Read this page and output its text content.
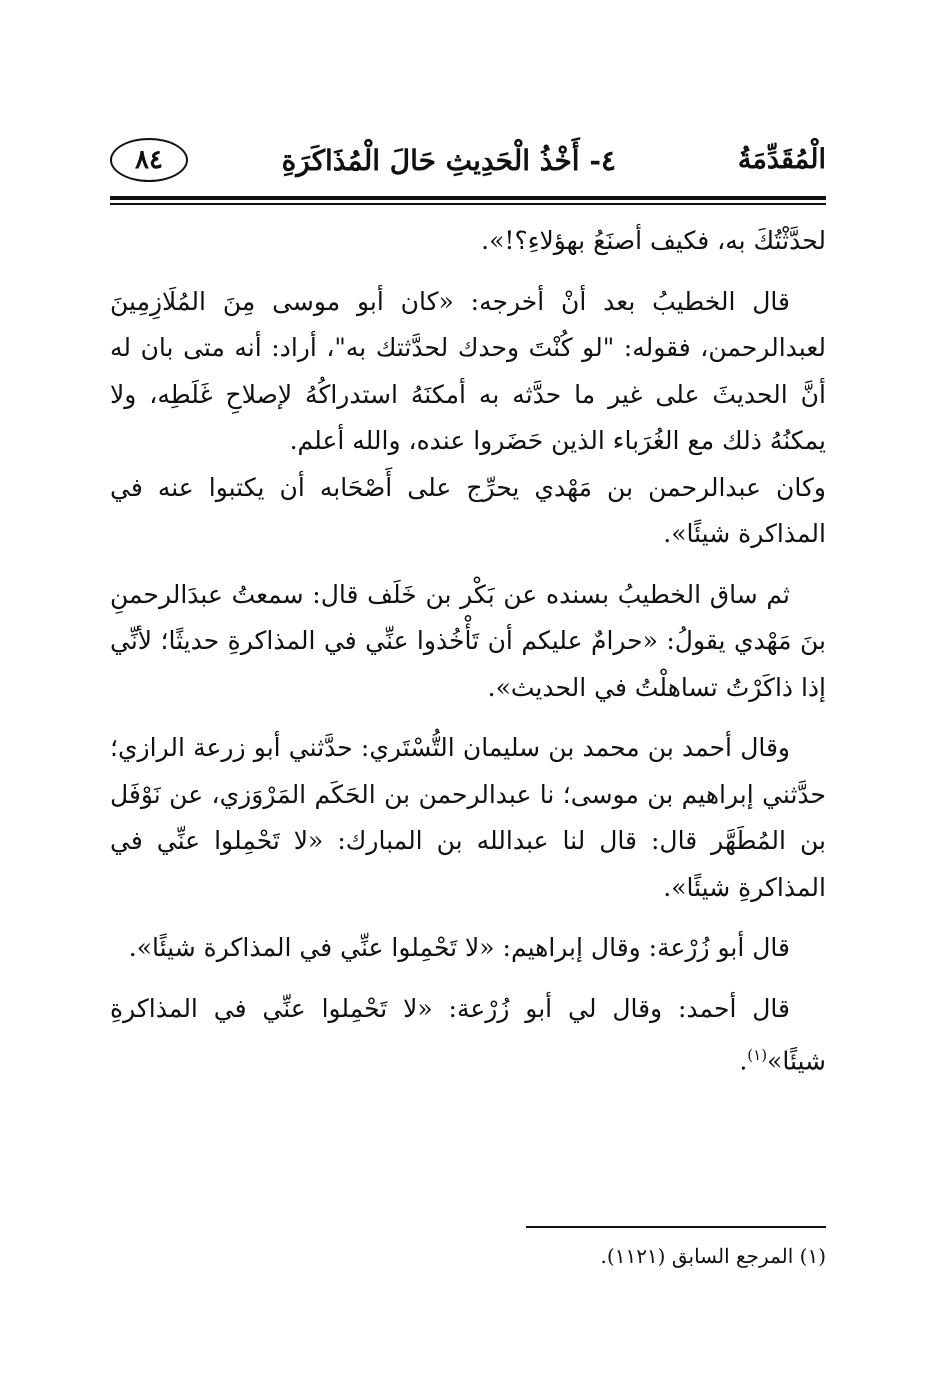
الْمُقَدِّمَةُ
٤- أَخْذُ الْحَدِيثِ حَالَ الْمُذَاكَرَةِ
٨٤

لحدَّثْتُكَ به، فكيف أصنَعُ بهؤلاءِ؟!».

قال الخطيبُ بعد أنْ أخرجه: «كان أبو موسى مِنَ المُلَازِمِينَ لعبدالرحمن، فقوله: "لو كُنْتَ وحدك لحدَّثتك به"، أراد: أنه متى بان له أنَّ الحديثَ على غير ما حدَّثه به أمكنَهُ استدراكُهُ لإصلاحِ غَلَطِه، ولا يمكنُهُ ذلك مع الغُرَباء الذين حَضَروا عنده، والله أعلم.

وكان عبدالرحمن بن مَهْدي يحرِّج على أَصْحَابه أن يكتبوا عنه في المذاكرة شيئًا».

ثم ساق الخطيبُ بسنده عن بَكْر بن خَلَف قال: سمعتُ عبدَالرحمنِ بنَ مَهْدي يقولُ: «حرامٌ عليكم أن تَأْخُذوا عنِّي في المذاكرةِ حديثًا؛ لأنِّي إذا ذاكَرْتُ تساهلْتُ في الحديث».

وقال أحمد بن محمد بن سليمان التُّسْتَري: حدَّثني أبو زرعة الرازي؛ حدَّثني إبراهيم بن موسى؛ نا عبدالرحمن بن الحَكَم المَرْوَزي، عن نَوْفَل بن المُطَهَّر قال: قال لنا عبدالله بن المبارك: «لا تَحْمِلوا عنِّي في المذاكرةِ شيئًا».

قال أبو زُرْعة: وقال إبراهيم: «لا تَحْمِلوا عنِّي في المذاكرة شيئًا».

قال أحمد: وقال لي أبو زُرْعة: «لا تَحْمِلوا عنِّي في المذاكرةِ شيئًا»$^{(١)}$.

(١) المرجع السابق (١١٢١).
